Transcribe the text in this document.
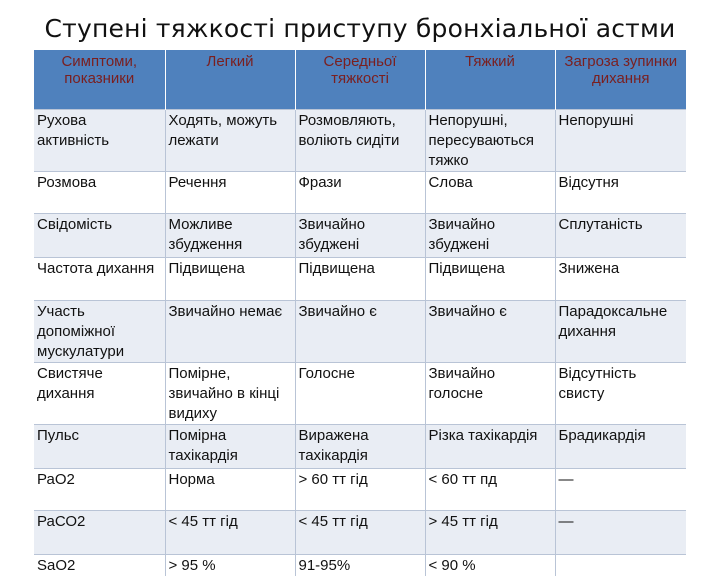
Ступені тяжкості приступу бронхіальної астми
Симптоми, показники	Легкий	Середньої тяжкості	Тяжкий	Загроза зупинки дихання
Рухова активність	Ходять, можуть лежати	Розмовляють, воліють сидіти	Непорушні, пересуваються тяжко	Непорушні
Розмова	Речення	Фрази	Слова	Відсутня
Свідомість	Можливе збудження	Звичайно збуджені	Звичайно збуджені	Сплутаність
Частота дихання	Підвищена	Підвищена	Підвищена	Знижена
Участь допоміжної мускулатури	Звичайно немає	Звичайно є	Звичайно є	Парадоксальне дихання
Свистяче дихання	Помірне, звичайно в кінці видиху	Голосне	Звичайно голосне	Відсутність свисту
Пульс	Помірна тахікардія	Виражена тахікардія	Різка тахікардія	Брадикардія
РаО2	Норма	> 60 тт гід	< 60 тт пд	—
РаСО2	< 45 тт гід	< 45 тт гід	> 45 тт гід	—
SaO2	> 95 %	91-95%	< 90 %	
